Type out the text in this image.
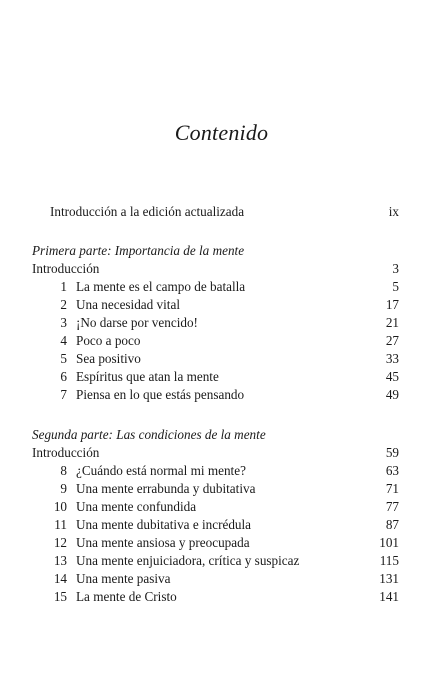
Contenido
Introducción a la edición actualizada	ix
Primera parte: Importancia de la mente
Introducción	3
1 La mente es el campo de batalla	5
2 Una necesidad vital	17
3 ¡No darse por vencido!	21
4 Poco a poco	27
5 Sea positivo	33
6 Espíritus que atan la mente	45
7 Piensa en lo que estás pensando	49
Segunda parte: Las condiciones de la mente
Introducción	59
8 ¿Cuándo está normal mi mente?	63
9 Una mente errabunda y dubitativa	71
10 Una mente confundida	77
11 Una mente dubitativa e incrédula	87
12 Una mente ansiosa y preocupada	101
13 Una mente enjuiciadora, crítica y suspicaz	115
14 Una mente pasiva	131
15 La mente de Cristo	141
